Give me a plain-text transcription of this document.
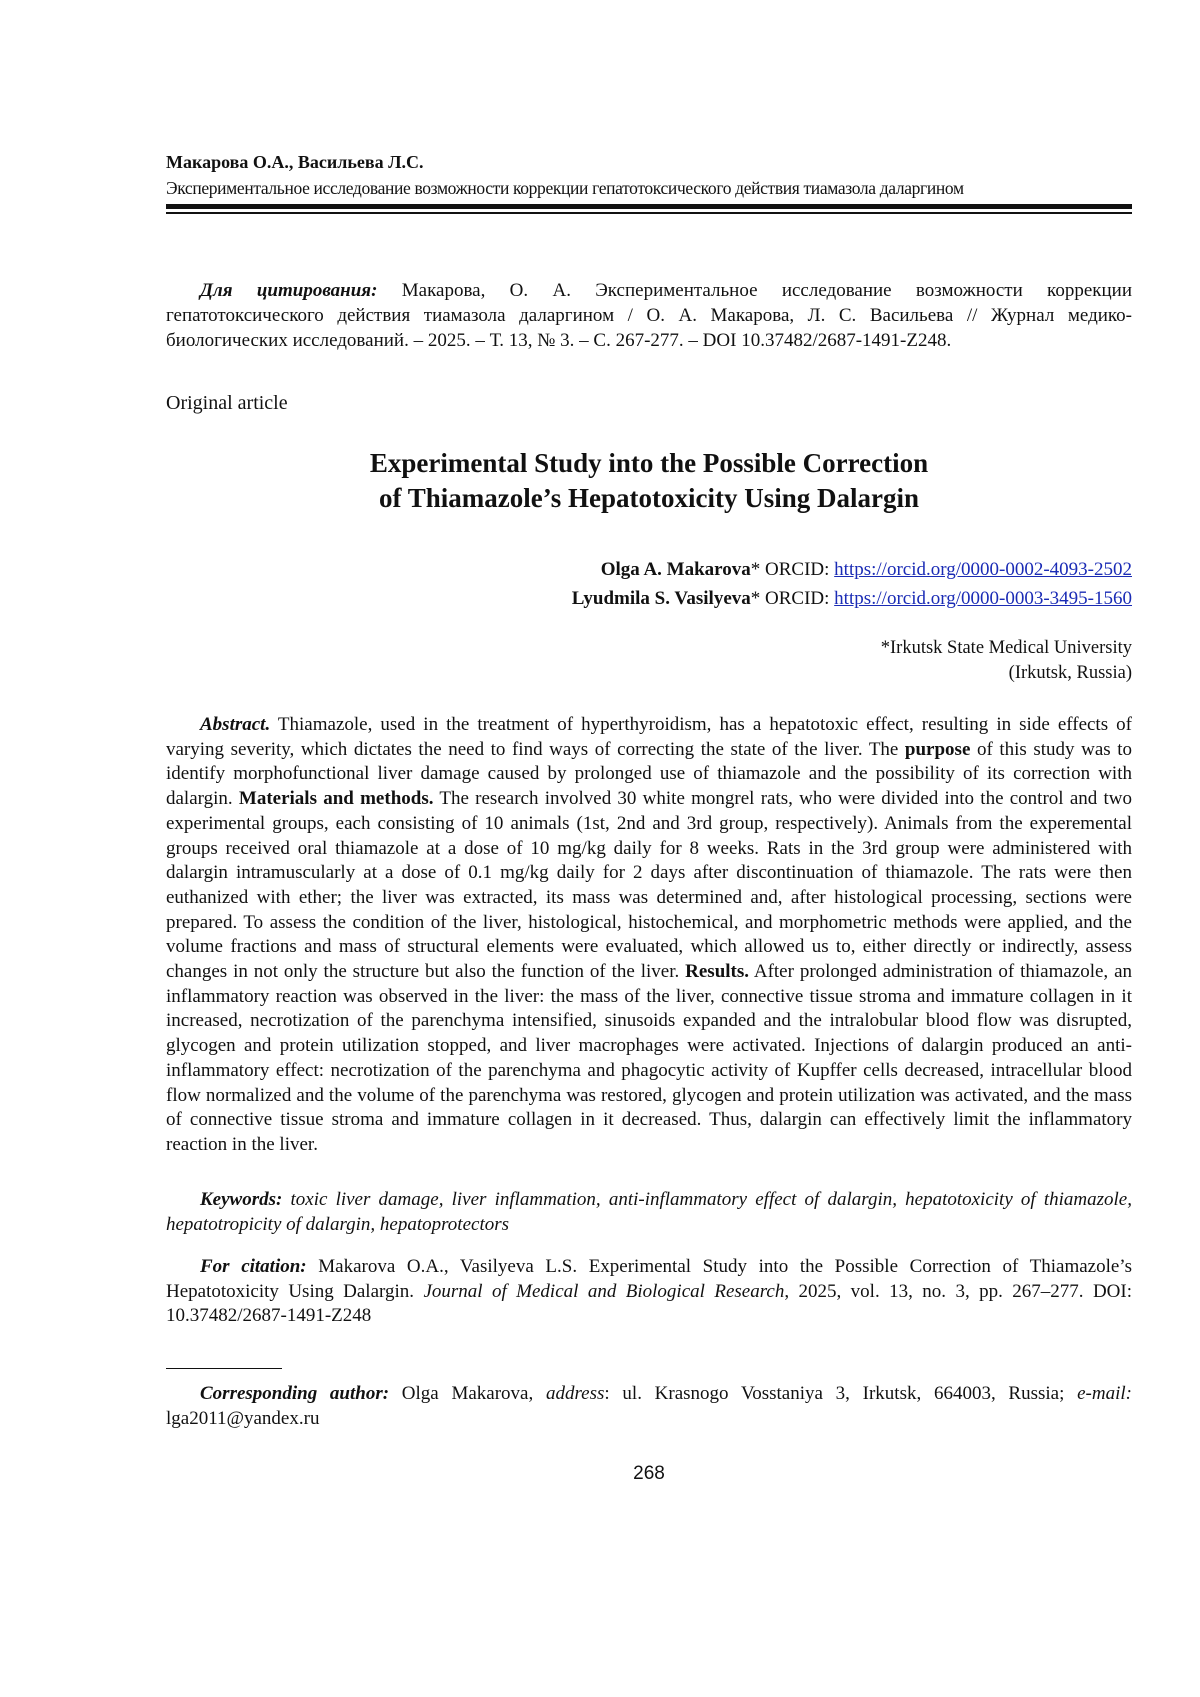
Макарова О.А., Васильева Л.С.
Экспериментальное исследование возможности коррекции гепатотоксического действия тиамазола даларгином
Для цитирования: Макарова, О. А. Экспериментальное исследование возможности коррекции гепатотоксического действия тиамазола даларгином / О. А. Макарова, Л. С. Васильева // Журнал медико-биологических исследований. – 2025. – Т. 13, № 3. – С. 267-277. – DOI 10.37482/2687-1491-Z248.
Original article
Experimental Study into the Possible Correction
of Thiamazole’s Hepatotoxicity Using Dalargin
Olga A. Makarova* ORCID: https://orcid.org/0000-0002-4093-2502
Lyudmila S. Vasilyeva* ORCID: https://orcid.org/0000-0003-3495-1560
*Irkutsk State Medical University
(Irkutsk, Russia)
Abstract. Thiamazole, used in the treatment of hyperthyroidism, has a hepatotoxic effect, resulting in side effects of varying severity, which dictates the need to find ways of correcting the state of the liver. The purpose of this study was to identify morphofunctional liver damage caused by prolonged use of thiamazole and the possibility of its correction with dalargin. Materials and methods. The research involved 30 white mongrel rats, who were divided into the control and two experimental groups, each consisting of 10 animals (1st, 2nd and 3rd group, respectively). Animals from the experemental groups received oral thiamazole at a dose of 10 mg/kg daily for 8 weeks. Rats in the 3rd group were administered with dalargin intramuscularly at a dose of 0.1 mg/kg daily for 2 days after discontinuation of thiamazole. The rats were then euthanized with ether; the liver was extracted, its mass was determined and, after histological processing, sections were prepared. To assess the condition of the liver, histological, histochemical, and morphometric methods were applied, and the volume fractions and mass of structural elements were evaluated, which allowed us to, either directly or indirectly, assess changes in not only the structure but also the function of the liver. Results. After prolonged administration of thiamazole, an inflammatory reaction was observed in the liver: the mass of the liver, connective tissue stroma and immature collagen in it increased, necrotization of the parenchyma intensified, sinusoids expanded and the intralobular blood flow was disrupted, glycogen and protein utilization stopped, and liver macrophages were activated. Injections of dalargin produced an anti-inflammatory effect: necrotization of the parenchyma and phagocytic activity of Kupffer cells decreased, intracellular blood flow normalized and the volume of the parenchyma was restored, glycogen and protein utilization was activated, and the mass of connective tissue stroma and immature collagen in it decreased. Thus, dalargin can effectively limit the inflammatory reaction in the liver.
Keywords: toxic liver damage, liver inflammation, anti-inflammatory effect of dalargin, hepatotoxicity of thiamazole, hepatotropicity of dalargin, hepatoprotectors
For citation: Makarova O.A., Vasilyeva L.S. Experimental Study into the Possible Correction of Thiamazole’s Hepatotoxicity Using Dalargin. Journal of Medical and Biological Research, 2025, vol. 13, no. 3, pp. 267–277. DOI: 10.37482/2687-1491-Z248
Corresponding author: Olga Makarova, address: ul. Krasnogo Vosstaniya 3, Irkutsk, 664003, Russia; e-mail: lga2011@yandex.ru
268
